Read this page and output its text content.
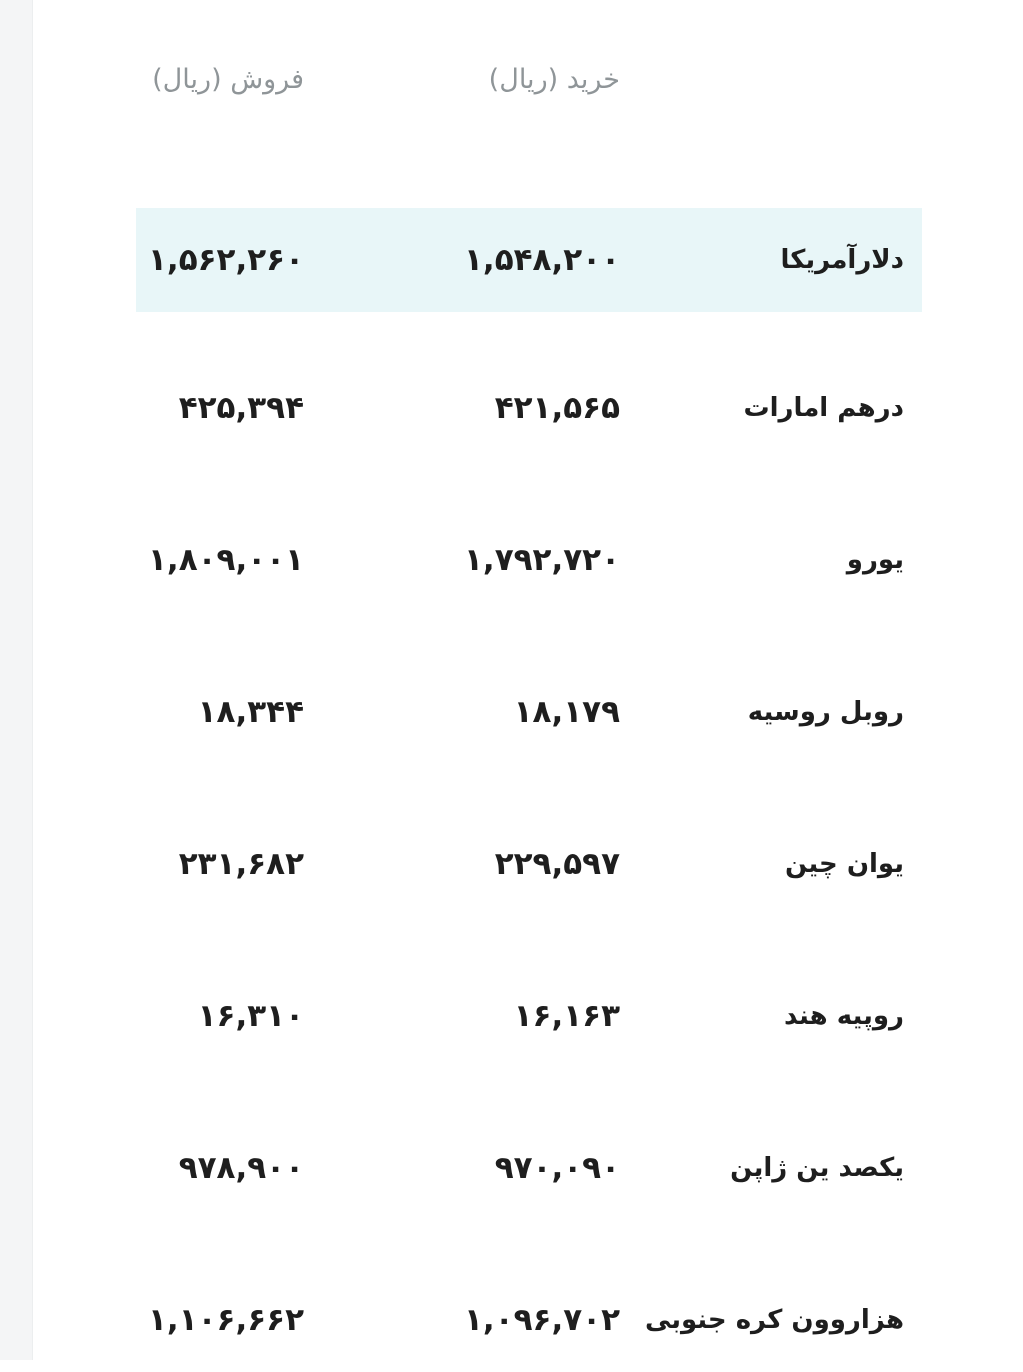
خرید (ریال)
فروش (ریال)
دلارآمریکا
۱,۵۴۸,۲۰۰
۱,۵۶۲,۲۶۰
درهم امارات
۴۲۱,۵۶۵
۴۲۵,۳۹۴
یورو
۱,۷۹۲,۷۲۰
۱,۸۰۹,۰۰۱
روبل روسیه
۱۸,۱۷۹
۱۸,۳۴۴
یوان چین
۲۲۹,۵۹۷
۲۳۱,۶۸۲
روپیه هند
۱۶,۱۶۳
۱۶,۳۱۰
یکصد ین ژاپن
۹۷۰,۰۹۰
۹۷۸,۹۰۰
هزاروون کره جنوبی
۱,۰۹۶,۷۰۲
۱,۱۰۶,۶۶۲
